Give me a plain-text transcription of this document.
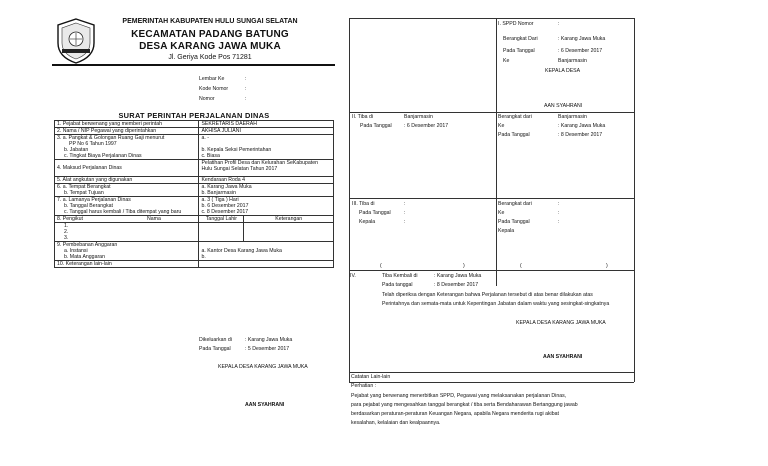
PEMERINTAH KABUPATEN HULU SUNGAI SELATAN
KECAMATAN PADANG BATUNG
DESA KARANG JAWA MUKA
Jl. Geriya Kode Pos 71281
Lembar Ke	:
Kode Nomor	:
Nomor	:
SURAT PERINTAH PERJALANAN DINAS
1. Pejabat berwenang yang memberi perintah	SEKRETARIS DAERAH	
2. Nama / NIP Pegawai yang diperintahkan	AKHISA JULIANI	
3. a. Pangkat & Golongan Ruang Gaji menurut	a. -	
PP No 6 Tahun 1997		
b. Jabatan	b. Kepala Seksi Pemerintahan	
c. Tingkat Biaya Perjalanan Dinas	c. Biasa	
4. Maksud Perjalanan Dinas	Pelatihan Profil Desa dan Kelurahan SeKabupaten
Hulu Sungai Selatan Tahun 2017	

5. Alat angkutan yang digunakan	Kendaraan Roda 4	
6. a. Tempat Berangkat	a. Karang Jawa Muka	
b. Tempat Tujuan	b. Banjarmasin	
7. a. Lamanya Perjalanan Dinas	a. 3 ( Tiga ) Hari	
b. Tanggal Berangkat	b. 6 Desember 2017	
c. Tanggal harus kembali / Tiba ditempat yang baru	c. 8 Desember 2017	
8. Pengikut Nama	Tanggal Lahir	Keterangan
1.		
2.		
3.		
9. Pembebanan Anggaran		
a. Instansi	a. Kantor Desa Karang Jawa Muka	
b. Mata Anggaran	b.	
10. Keterangan lain-lain		
Dikeluarkan di	: Karang Jawa Muka
Pada Tanggal	: 5 Desember 2017
KEPALA DESA KARANG JAWA MUKA
AAN SYAHRANI
I. SPPD Nomor	:
Berangkat Dari	: Karang Jawa Muka
Pada Tanggal	: 6 Desember 2017
Ke	Banjarmasin
KEPALA DESA
AAN SYAHRANI
II. Tiba di	Banjarmasin
Pada Tanggal : 6 Desember 2017
Berangkat dari	Banjarmasin
Ke	: Karang Jawa Muka
Pada Tanggal	: 8 Desember 2017
III. Tiba di	:
Pada Tanggal	:
Kepala	:
Berangkat dari	:
Ke	:
Pada Tanggal	:
Kepala
(	)	(	)
IV.	Tiba Kembali di	: Karang Jawa Muka
Pada tanggal	: 8 Desember 2017
Telah diperiksa dengan Keterangan bahwa Perjalanan tersebut di atas benar dilakukan atas
Perintahnya dan semata-mata untuk Kepentingan Jabatan dalam waktu yang sesingkat-singkatnya
KEPALA DESA KARANG JAWA MUKA
AAN SYAHRANI
Catatan Lain-lain
Perhatian :
Pejabat yang berwenang menerbitkan SPPD, Pegawai yang melaksanakan perjalanan Dinas,
para pejabat yang mengesahkan tanggal berangkat / tiba serta Bendaharawan Bertanggung jawab
berdasarkan peraturan-peraturan Keuangan Negara, apabila Negara menderita rugi akibat
kesalahan, kelalaian dan kealpaannya.
